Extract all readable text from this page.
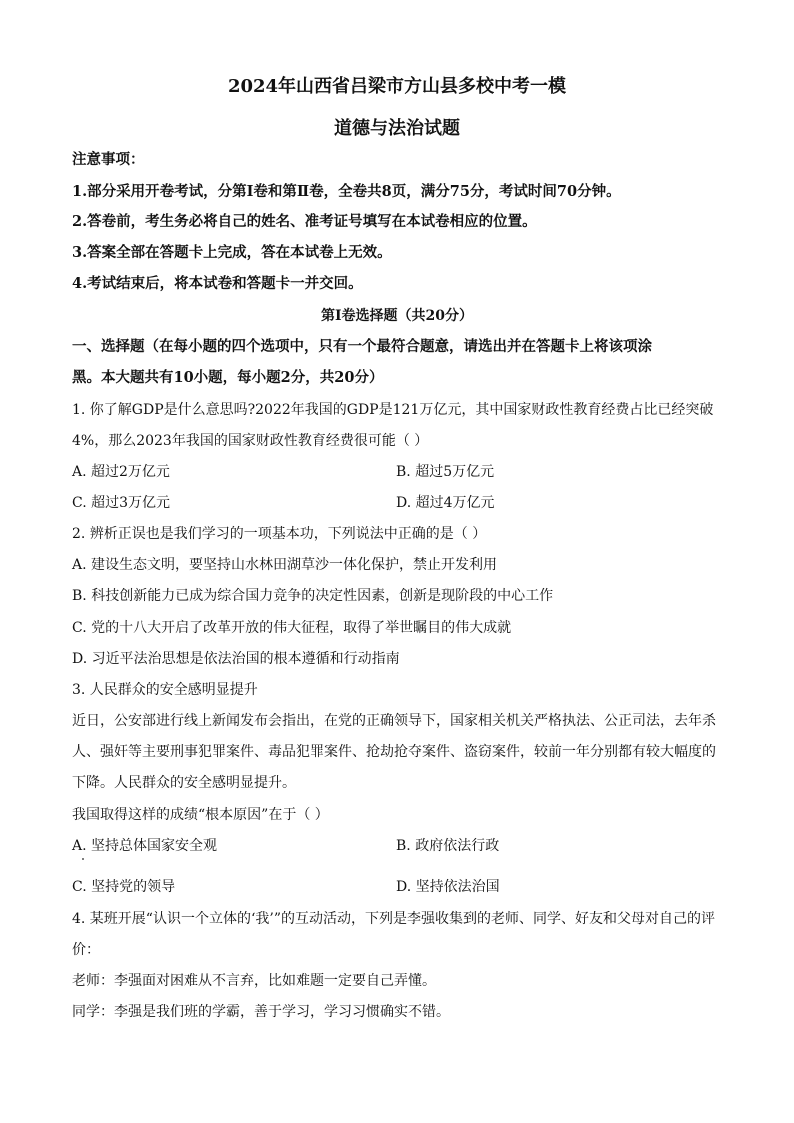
2024年山西省吕梁市方山县多校中考一模
道德与法治试题
注意事项：
1.部分采用开卷考试，分第Ⅰ卷和第Ⅱ卷，全卷共8页，满分75分，考试时间70分钟。
2.答卷前，考生务必将自己的姓名、准考证号填写在本试卷相应的位置。
3.答案全部在答题卡上完成，答在本试卷上无效。
4.考试结束后，将本试卷和答题卡一并交回。
第Ⅰ卷选择题（共20分）
一、选择题（在每小题的四个选项中，只有一个最符合题意，请选出并在答题卡上将该项涂
黑。本大题共有10小题，每小题2分，共20分）
1. 你了解GDP是什么意思吗?2022年我国的GDP是121万亿元，其中国家财政性教育经费占比已经突破
4%，那么2023年我国的国家财政性教育经费很可能（ ）
A. 超过2万亿元	B. 超过5万亿元
C. 超过3万亿元	D. 超过4万亿元
2. 辨析正误也是我们学习的一项基本功，下列说法中正确的是（ ）
A. 建设生态文明，要坚持山水林田湖草沙一体化保护，禁止开发利用
B. 科技创新能力已成为综合国力竞争的决定性因素，创新是现阶段的中心工作
C. 党的十八大开启了改革开放的伟大征程，取得了举世瞩目的伟大成就
D. 习近平法治思想是依法治国的根本遵循和行动指南
3. 人民群众的安全感明显提升
近日，公安部进行线上新闻发布会指出，在党的正确领导下，国家相关机关严格执法、公正司法，去年杀
人、强奸等主要刑事犯罪案件、毒品犯罪案件、抢劫抢夺案件、盗窃案件，较前一年分别都有较大幅度的
下降。人民群众的安全感明显提升。
我国取得这样的成绩“根本原因”在于（ ）
A. 坚持总体国家安全观	B. 政府依法行政
C. 坚持党的领导	D. 坚持依法治国
4. 某班开展“认识一个立体的‘我’”的互动活动，下列是李强收集到的老师、同学、好友和父母对自己的评
价：
老师：李强面对困难从不言弃，比如难题一定要自己弄懂。
同学：李强是我们班的学霸，善于学习，学习习惯确实不错。
